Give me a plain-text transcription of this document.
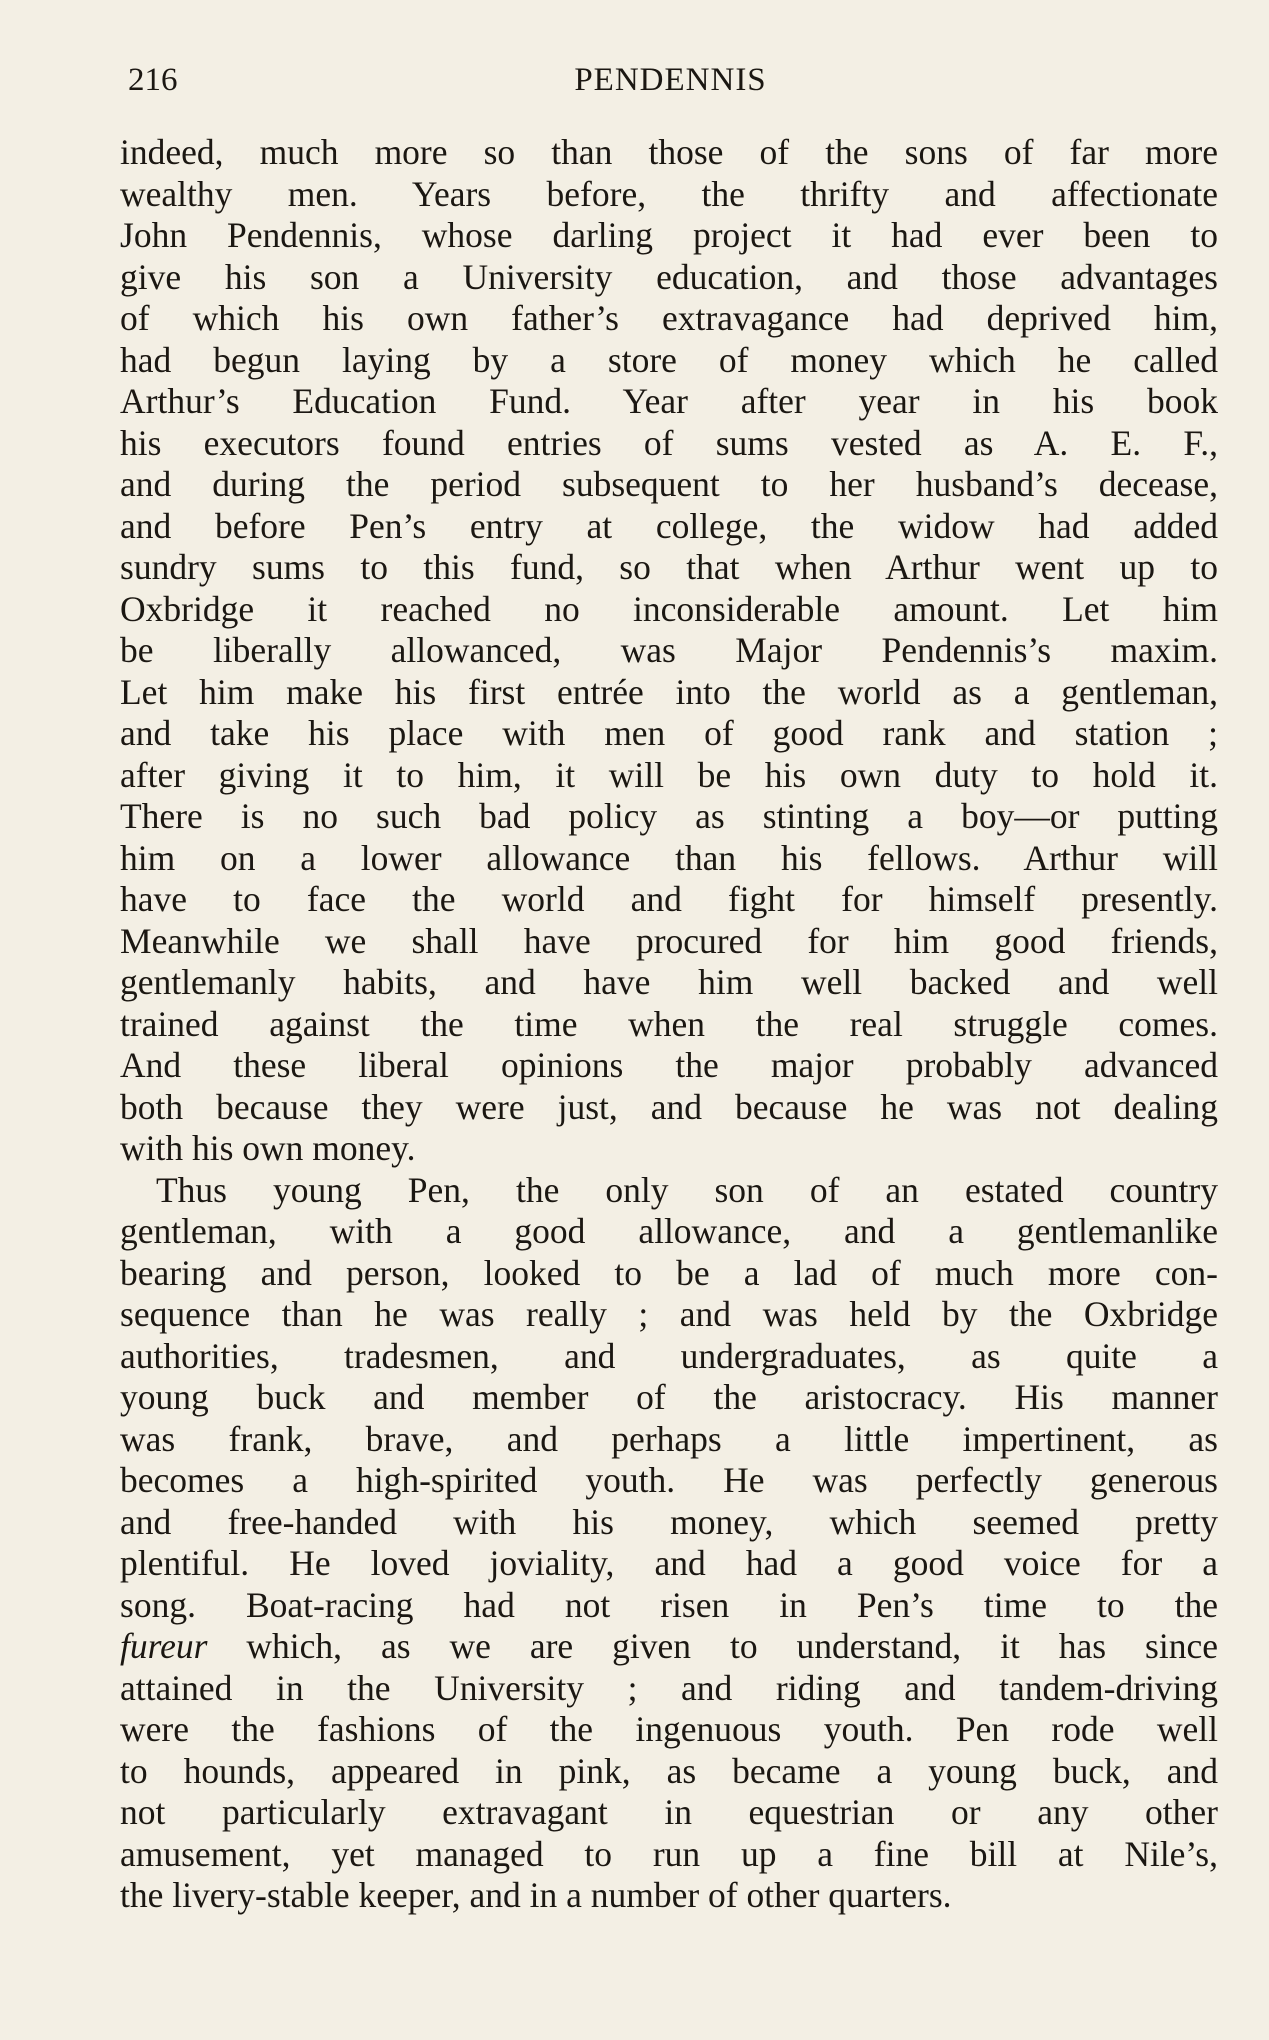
216	PENDENNIS
indeed, much more so than those of the sons of far more
wealthy men. Years before, the thrifty and affectionate
John Pendennis, whose darling project it had ever been to
give his son a University education, and those advantages
of which his own father’s extravagance had deprived him,
had begun laying by a store of money which he called
Arthur’s Education Fund. Year after year in his book
his executors found entries of sums vested as A. E. F.,
and during the period subsequent to her husband’s decease,
and before Pen’s entry at college, the widow had added
sundry sums to this fund, so that when Arthur went up to
Oxbridge it reached no inconsiderable amount. Let him
be liberally allowanced, was Major Pendennis’s maxim.
Let him make his first entrée into the world as a gentleman,
and take his place with men of good rank and station ;
after giving it to him, it will be his own duty to hold it.
There is no such bad policy as stinting a boy—or putting
him on a lower allowance than his fellows. Arthur will
have to face the world and fight for himself presently.
Meanwhile we shall have procured for him good friends,
gentlemanly habits, and have him well backed and well
trained against the time when the real struggle comes.
And these liberal opinions the major probably advanced
both because they were just, and because he was not dealing
with his own money.
Thus young Pen, the only son of an estated country
gentleman, with a good allowance, and a gentlemanlike
bearing and person, looked to be a lad of much more con-
sequence than he was really ; and was held by the Oxbridge
authorities, tradesmen, and undergraduates, as quite a
young buck and member of the aristocracy. His manner
was frank, brave, and perhaps a little impertinent, as
becomes a high-spirited youth. He was perfectly generous
and free-handed with his money, which seemed pretty
plentiful. He loved joviality, and had a good voice for a
song. Boat-racing had not risen in Pen’s time to the
fureur which, as we are given to understand, it has since
attained in the University ; and riding and tandem-driving
were the fashions of the ingenuous youth. Pen rode well
to hounds, appeared in pink, as became a young buck, and
not particularly extravagant in equestrian or any other
amusement, yet managed to run up a fine bill at Nile’s,
the livery-stable keeper, and in a number of other quarters.
